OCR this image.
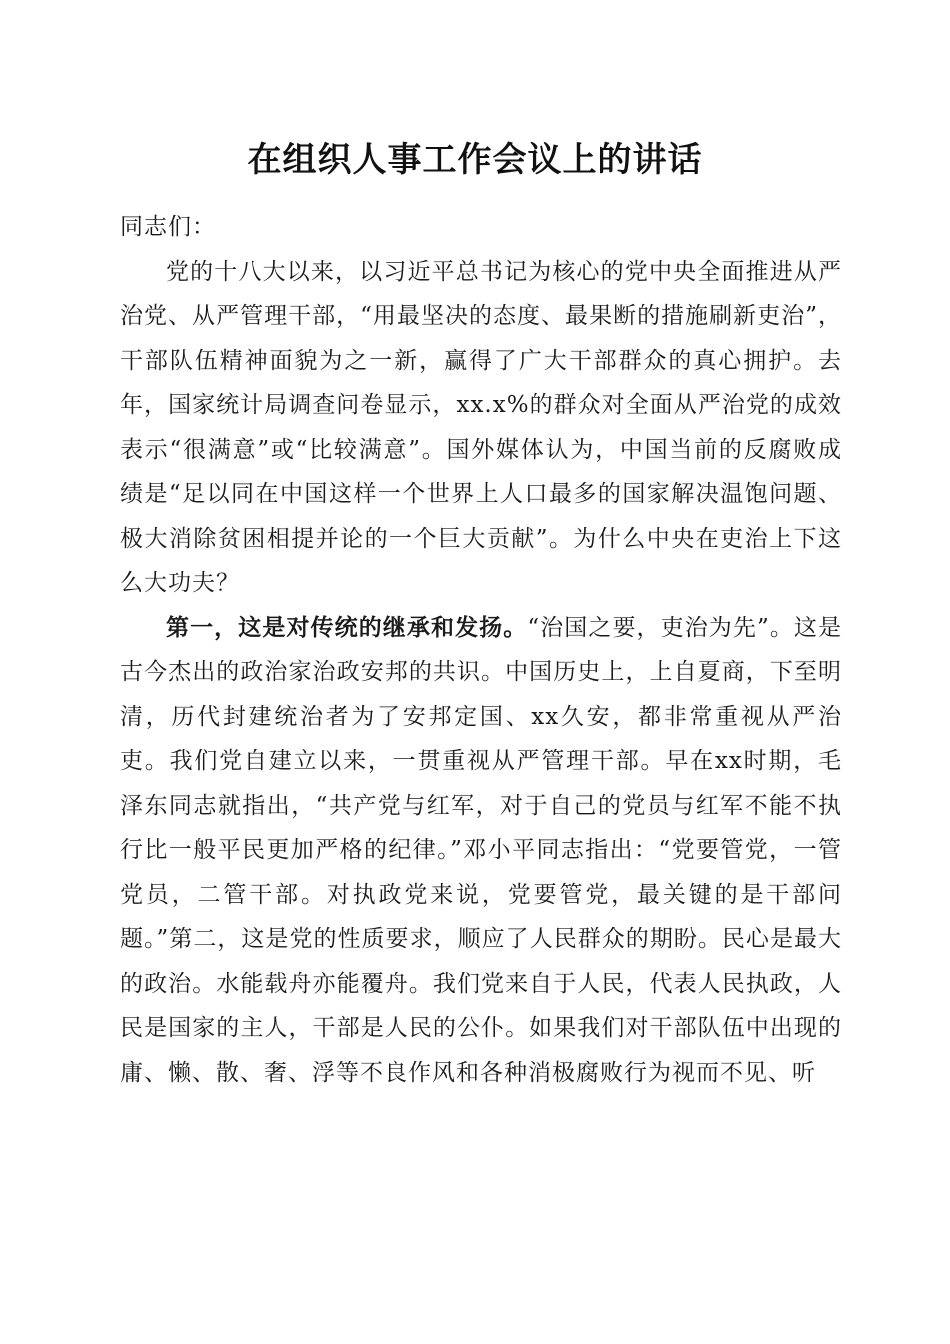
在组织人事工作会议上的讲话

同志们：

党的十八大以来，以习近平总书记为核心的党中央全面推进从严治党、从严管理干部，“用最坚决的态度、最果断的措施刷新吏治”，干部队伍精神面貌为之一新，赢得了广大干部群众的真心拥护。去年，国家统计局调查问卷显示，xx.x%的群众对全面从严治党的成效表示“很满意”或“比较满意”。国外媒体认为，中国当前的反腐败成绩是“足以同在中国这样一个世界上人口最多的国家解决温饱问题、极大消除贫困相提并论的一个巨大贡献”。为什么中央在吏治上下这么大功夫？

第一，这是对传统的继承和发扬。“治国之要，吏治为先”。这是古今杰出的政治家治政安邦的共识。中国历史上，上自夏商，下至明清，历代封建统治者为了安邦定国、xx久安，都非常重视从严治吏。我们党自建立以来，一贯重视从严管理干部。早在xx时期，毛泽东同志就指出，“共产党与红军，对于自己的党员与红军不能不执行比一般平民更加严格的纪律。”邓小平同志指出：“党要管党，一管党员，二管干部。对执政党来说，党要管党，最关键的是干部问题。”第二，这是党的性质要求，顺应了人民群众的期盼。民心是最大的政治。水能载舟亦能覆舟。我们党来自于人民，代表人民执政，人民是国家的主人，干部是人民的公仆。如果我们对干部队伍中出现的庸、懒、散、奢、浮等不良作风和各种消极腐败行为视而不见、听
